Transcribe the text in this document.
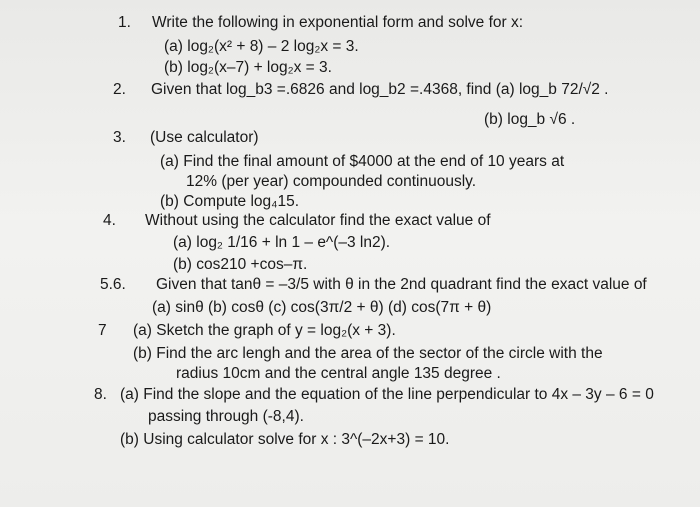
1. Write the following in exponential form and solve for x:
(a) log₂(x² + 8) – 2 log₂x = 3.
(b) log₂(x–7) + log₂x = 3.
2. Given that log_b3 =.6826 and log_b2 =.4368, find (a) log_b 72/√2 .
(b) log_b √6 .
3. (Use calculator)
(a) Find the final amount of $4000 at the end of 10 years at
12% (per year) compounded continuously.
(b) Compute log₄15.
4. Without using the calculator find the exact value of
(a) log₂ 1/16 + ln 1 – e^(–3 ln2).
(b) cos210 +cos–π.
5.6. Given that tanθ = –3/5 with θ in the 2nd quadrant find the exact value of
(a) sinθ (b) cosθ (c) cos(3π/2 + θ) (d) cos(7π + θ)
7 (a) Sketch the graph of y = log₂(x + 3).
(b) Find the arc lengh and the area of the sector of the circle with the
radius 10cm and the central angle 135 degree .
8. (a) Find the slope and the equation of the line perpendicular to 4x – 3y – 6 = 0
passing through (-8,4).
(b) Using calculator solve for x : 3^(–2x+3) = 10.
